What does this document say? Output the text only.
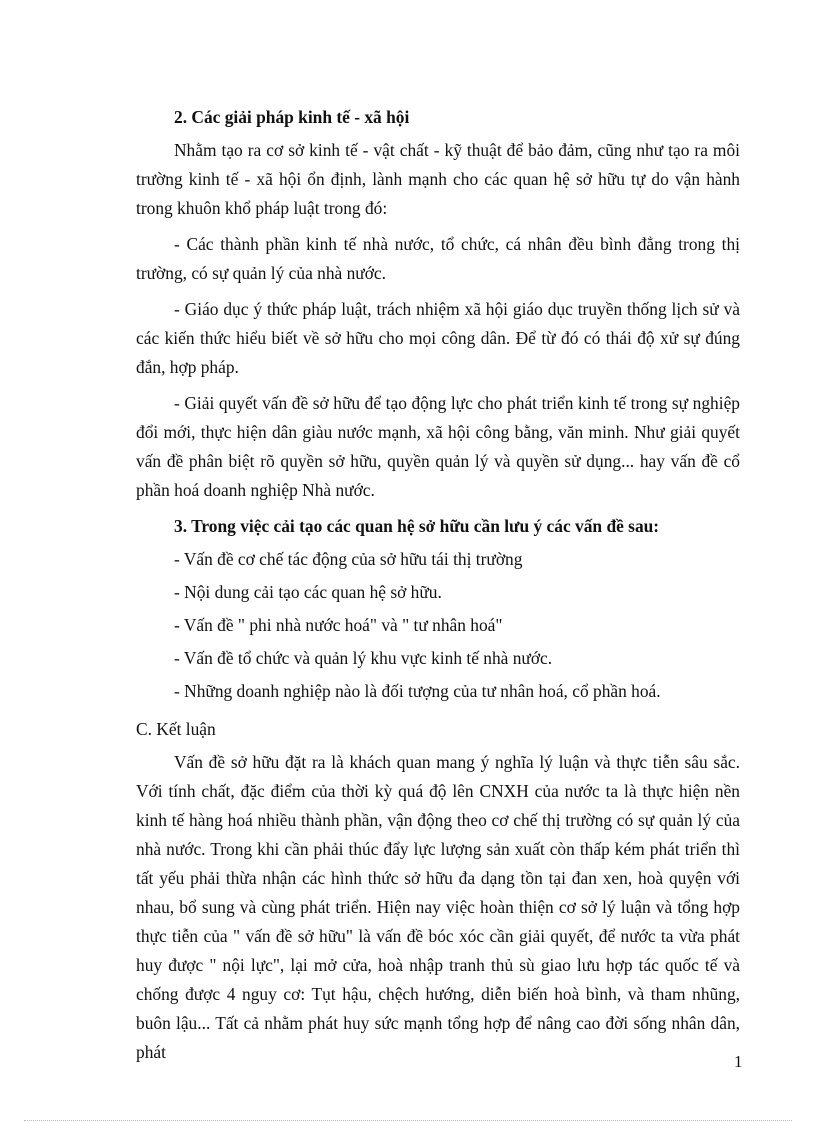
2. Các giải pháp kinh tế - xã hội

Nhằm tạo ra cơ sở kinh tế - vật chất - kỹ thuật để bảo đảm, cũng như tạo ra môi trường kinh tế - xã hội ổn định, lành mạnh cho các quan hệ sở hữu tự do vận hành trong khuôn khổ pháp luật trong đó:

- Các thành phần kinh tế nhà nước, tổ chức, cá nhân đều bình đẳng trong thị trường, có sự quản lý của nhà nước.

- Giáo dục ý thức pháp luật, trách nhiệm xã hội giáo dục truyền thống lịch sử và các kiến thức hiểu biết về sở hữu cho mọi công dân. Để từ đó có thái độ xử sự đúng đắn, hợp pháp.

- Giải quyết vấn đề sở hữu để tạo động lực cho phát triển kinh tế trong sự nghiệp đổi mới, thực hiện dân giàu nước mạnh, xã hội công bằng, văn minh. Như giải quyết vấn đề phân biệt rõ quyền sở hữu, quyền quản lý và quyền sử dụng... hay vấn đề cổ phần hoá doanh nghiệp Nhà nước.

3. Trong việc cải tạo các quan hệ sở hữu cần lưu ý các vấn đề sau:

- Vấn đề cơ chế tác động của sở hữu tái thị trường

- Nội dung cải tạo các quan hệ sở hữu.

- Vấn đề " phi nhà nước hoá" và " tư nhân hoá"

- Vấn đề tổ chức và quản lý khu vực kinh tế nhà nước.

- Những doanh nghiệp nào là đối tượng của tư nhân hoá, cổ phần hoá.

C. Kết luận

Vấn đề sở hữu đặt ra là khách quan mang ý nghĩa lý luận và thực tiễn sâu sắc. Với tính chất, đặc điểm của thời kỳ quá độ lên CNXH của nước ta là thực hiện nền kinh tế hàng hoá nhiều thành phần, vận động theo cơ chế thị trường có sự quản lý của nhà nước. Trong khi cần phải thúc đẩy lực lượng sản xuất còn thấp kém phát triển thì tất yếu phải thừa nhận các hình thức sở hữu đa dạng tồn tại đan xen, hoà quyện với nhau, bổ sung và cùng phát triển. Hiện nay việc hoàn thiện cơ sở lý luận và tổng hợp thực tiễn của " vấn đề sở hữu" là vấn đề bóc xóc cần giải quyết, để nước ta vừa phát huy được " nội lực", lại mở cửa, hoà nhập tranh thủ sù giao lưu hợp tác quốc tế và chống được 4 nguy cơ: Tụt hậu, chệch hướng, diễn biến hoà bình, và tham nhũng, buôn lậu... Tất cả nhằm phát huy sức mạnh tổng hợp để nâng cao đời sống nhân dân, phát	1
